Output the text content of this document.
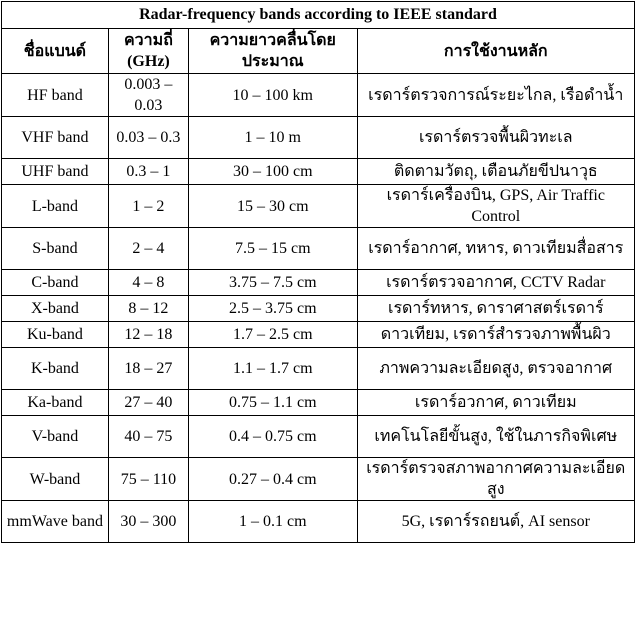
Radar-frequency bands according to IEEE standard			
ชื่อแบนด์	ความถี่ (GHz)	ความยาวคลื่นโดยประมาณ	การใช้งานหลัก
HF band	0.003 – 0.03	10 – 100 km	เรดาร์ตรวจการณ์ระยะไกล, เรือดำน้ำ
VHF band	0.03 – 0.3	1 – 10 m	เรดาร์ตรวจพื้นผิวทะเล
UHF band	0.3 – 1	30 – 100 cm	ติดตามวัตถุ, เตือนภัยขีปนาวุธ
L-band	1 – 2	15 – 30 cm	เรดาร์เครื่องบิน, GPS, Air Traffic Control
S-band	2 – 4	7.5 – 15 cm	เรดาร์อากาศ, ทหาร, ดาวเทียมสื่อสาร
C-band	4 – 8	3.75 – 7.5 cm	เรดาร์ตรวจอากาศ, CCTV Radar
X-band	8 – 12	2.5 – 3.75 cm	เรดาร์ทหาร, ดาราศาสตร์เรดาร์
Ku-band	12 – 18	1.7 – 2.5 cm	ดาวเทียม, เรดาร์สำรวจภาพพื้นผิว
K-band	18 – 27	1.1 – 1.7 cm	ภาพความละเอียดสูง, ตรวจอากาศ
Ka-band	27 – 40	0.75 – 1.1 cm	เรดาร์อวกาศ, ดาวเทียม
V-band	40 – 75	0.4 – 0.75 cm	เทคโนโลยีขั้นสูง, ใช้ในภารกิจพิเศษ
W-band	75 – 110	0.27 – 0.4 cm	เรดาร์ตรวจสภาพอากาศความละเอียดสูง
mmWave band	30 – 300	1 – 0.1 cm	5G, เรดาร์รถยนต์, AI sensor
